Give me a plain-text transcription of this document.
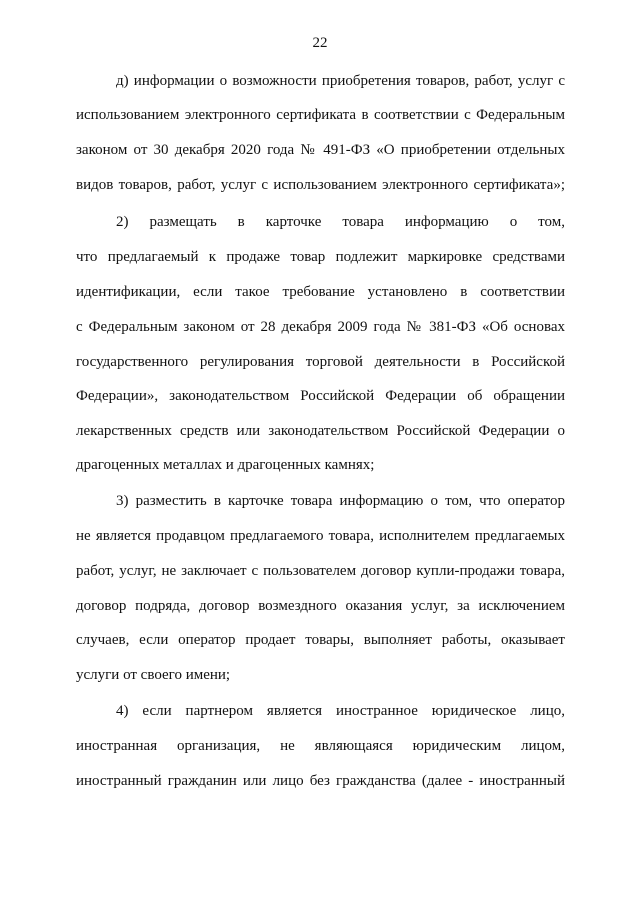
22
д) информации о возможности приобретения товаров, работ, услуг с
использованием электронного сертификата в соответствии с Федеральным
законом от 30 декабря 2020 года № 491-ФЗ «О приобретении отдельных
видов товаров, работ, услуг с использованием электронного сертификата»;
2) размещать в карточке товара информацию о том,
что предлагаемый к продаже товар подлежит маркировке средствами
идентификации, если такое требование установлено в соответствии
с Федеральным законом от 28 декабря 2009 года № 381-ФЗ «Об основах
государственного регулирования торговой деятельности в Российской
Федерации», законодательством Российской Федерации об обращении
лекарственных средств или законодательством Российской Федерации о
драгоценных металлах и драгоценных камнях;
3) разместить в карточке товара информацию о том, что оператор
не является продавцом предлагаемого товара, исполнителем предлагаемых
работ, услуг, не заключает с пользователем договор купли-продажи товара,
договор подряда, договор возмездного оказания услуг, за исключением
случаев, если оператор продает товары, выполняет работы, оказывает
услуги от своего имени;
4) если партнером является иностранное юридическое лицо,
иностранная организация, не являющаяся юридическим лицом,
иностранный гражданин или лицо без гражданства (далее - иностранный
